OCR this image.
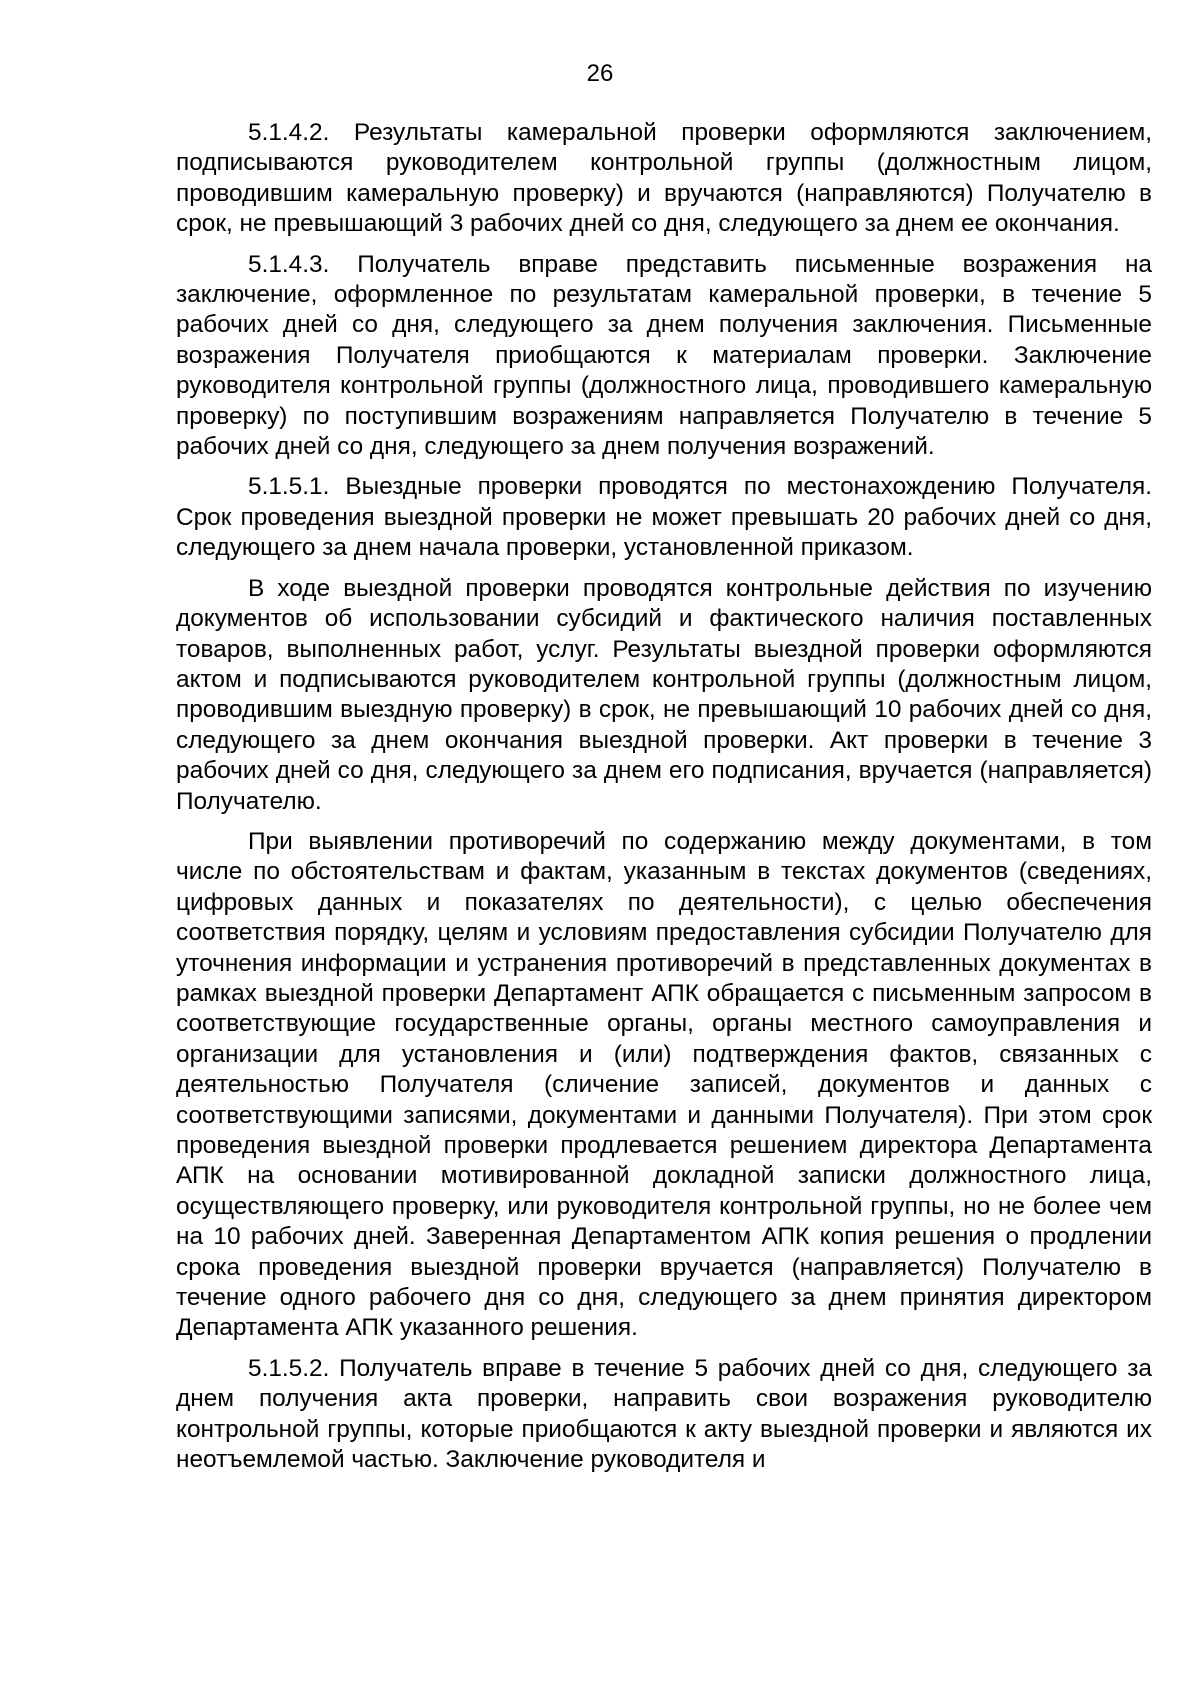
26

5.1.4.2. Результаты камеральной проверки оформляются заключением, подписываются руководителем контрольной группы (должностным лицом, проводившим камеральную проверку) и вручаются (направляются) Получателю в срок, не превышающий 3 рабочих дней со дня, следующего за днем ее окончания.

5.1.4.3. Получатель вправе представить письменные возражения на заключение, оформленное по результатам камеральной проверки, в течение 5 рабочих дней со дня, следующего за днем получения заключения. Письменные возражения Получателя приобщаются к материалам проверки. Заключение руководителя контрольной группы (должностного лица, проводившего камеральную проверку) по поступившим возражениям направляется Получателю в течение 5 рабочих дней со дня, следующего за днем получения возражений.

5.1.5.1. Выездные проверки проводятся по местонахождению Получателя. Срок проведения выездной проверки не может превышать 20 рабочих дней со дня, следующего за днем начала проверки, установленной приказом.

В ходе выездной проверки проводятся контрольные действия по изучению документов об использовании субсидий и фактического наличия поставленных товаров, выполненных работ, услуг. Результаты выездной проверки оформляются актом и подписываются руководителем контрольной группы (должностным лицом, проводившим выездную проверку) в срок, не превышающий 10 рабочих дней со дня, следующего за днем окончания выездной проверки. Акт проверки в течение 3 рабочих дней со дня, следующего за днем его подписания, вручается (направляется) Получателю.

При выявлении противоречий по содержанию между документами, в том числе по обстоятельствам и фактам, указанным в текстах документов (сведениях, цифровых данных и показателях по деятельности), с целью обеспечения соответствия порядку, целям и условиям предоставления субсидии Получателю для уточнения информации и устранения противоречий в представленных документах в рамках выездной проверки Департамент АПК обращается с письменным запросом в соответствующие государственные органы, органы местного самоуправления и организации для установления и (или) подтверждения фактов, связанных с деятельностью Получателя (сличение записей, документов и данных с соответствующими записями, документами и данными Получателя). При этом срок проведения выездной проверки продлевается решением директора Департамента АПК на основании мотивированной докладной записки должностного лица, осуществляющего проверку, или руководителя контрольной группы, но не более чем на 10 рабочих дней. Заверенная Департаментом АПК копия решения о продлении срока проведения выездной проверки вручается (направляется) Получателю в течение одного рабочего дня со дня, следующего за днем принятия директором Департамента АПК указанного решения.

5.1.5.2. Получатель вправе в течение 5 рабочих дней со дня, следующего за днем получения акта проверки, направить свои возражения руководителю контрольной группы, которые приобщаются к акту выездной проверки и являются их неотъемлемой частью. Заключение руководителя и
